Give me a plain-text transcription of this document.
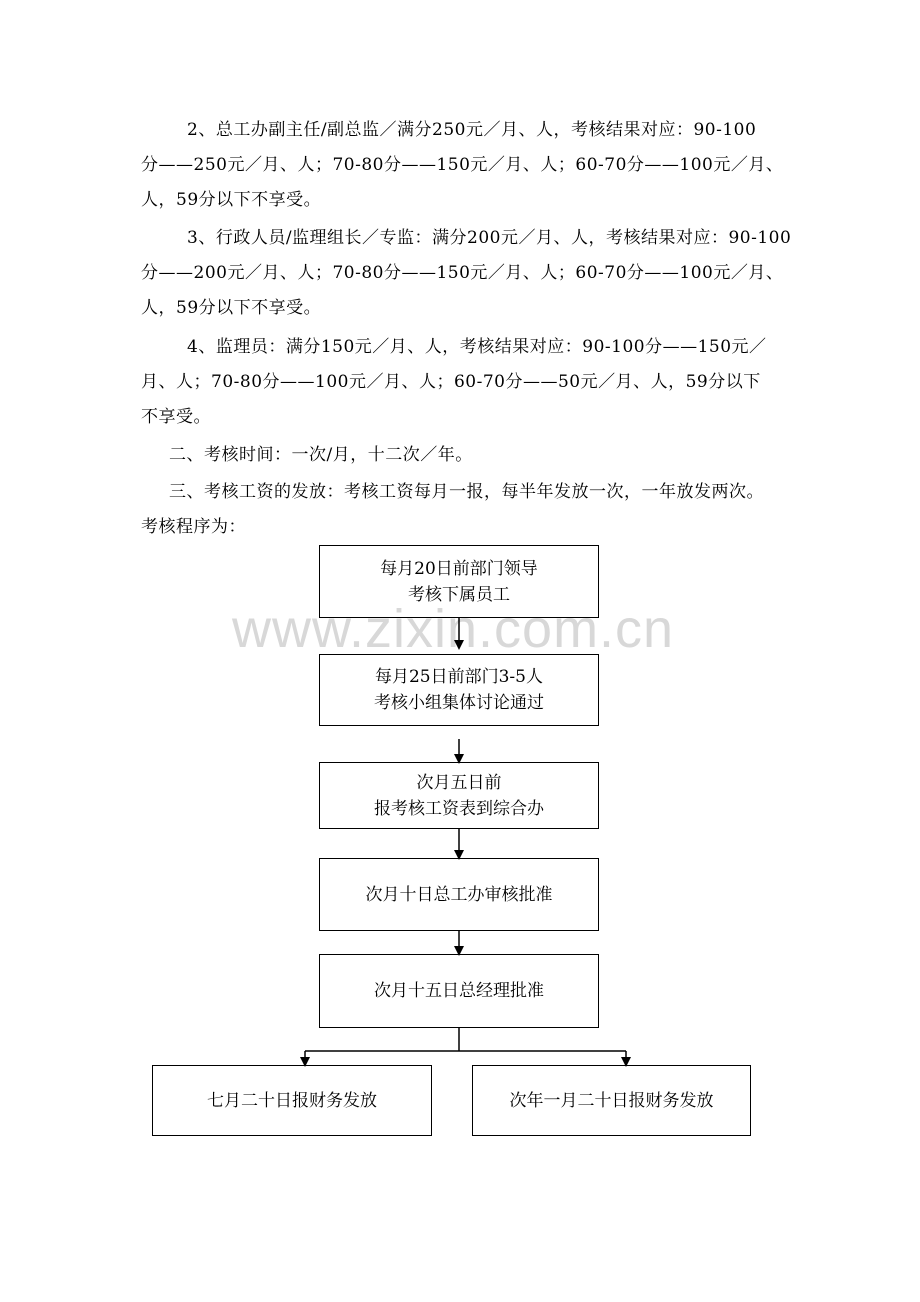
2、总工办副主任/副总监／满分250元／月、人，考核结果对应：90-100
分——250元／月、人；70-80分——150元／月、人；60-70分——100元／月、
人，59分以下不享受。
3、行政人员/监理组长／专监：满分200元／月、人，考核结果对应：90-100
分——200元／月、人；70-80分——150元／月、人；60-70分——100元／月、
人，59分以下不享受。
4、监理员：满分150元／月、人，考核结果对应：90-100分——150元／
月、人；70-80分——100元／月、人；60-70分——50元／月、人，59分以下
不享受。
二、考核时间：一次/月，十二次／年。
三、考核工资的发放：考核工资每月一报，每半年发放一次，一年放发两次。
考核程序为：
www.zixin.com.cn
每月20日前部门领导
考核下属员工
每月25日前部门3-5人
考核小组集体讨论通过
次月五日前
报考核工资表到综合办
次月十日总工办审核批准
次月十五日总经理批准
七月二十日报财务发放	次年一月二十日报财务发放
